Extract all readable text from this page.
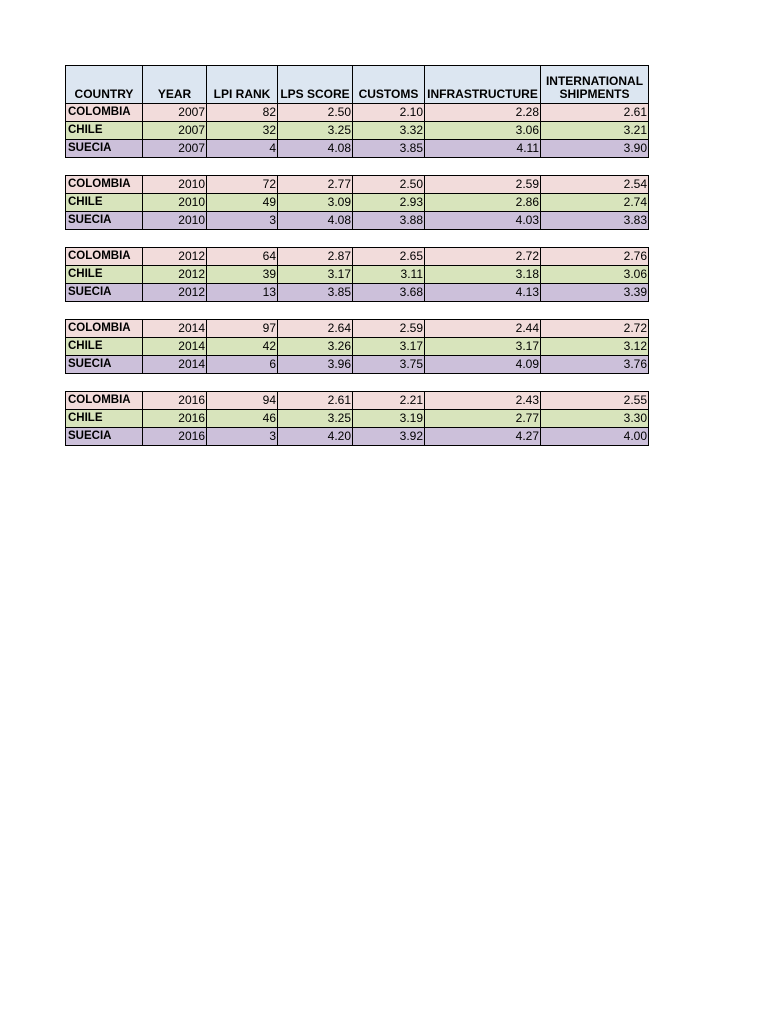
COUNTRY	YEAR	LPI RANK	LPS SCORE	CUSTOMS	INFRASTRUCTURE	INTERNATIONAL SHIPMENTS
COLOMBIA	2007	82	2.50	2.10	2.28	2.61
CHILE	2007	32	3.25	3.32	3.06	3.21
SUECIA	2007	4	4.08	3.85	4.11	3.90

COLOMBIA	2010	72	2.77	2.50	2.59	2.54
CHILE	2010	49	3.09	2.93	2.86	2.74
SUECIA	2010	3	4.08	3.88	4.03	3.83

COLOMBIA	2012	64	2.87	2.65	2.72	2.76
CHILE	2012	39	3.17	3.11	3.18	3.06
SUECIA	2012	13	3.85	3.68	4.13	3.39

COLOMBIA	2014	97	2.64	2.59	2.44	2.72
CHILE	2014	42	3.26	3.17	3.17	3.12
SUECIA	2014	6	3.96	3.75	4.09	3.76

COLOMBIA	2016	94	2.61	2.21	2.43	2.55
CHILE	2016	46	3.25	3.19	2.77	3.30
SUECIA	2016	3	4.20	3.92	4.27	4.00
